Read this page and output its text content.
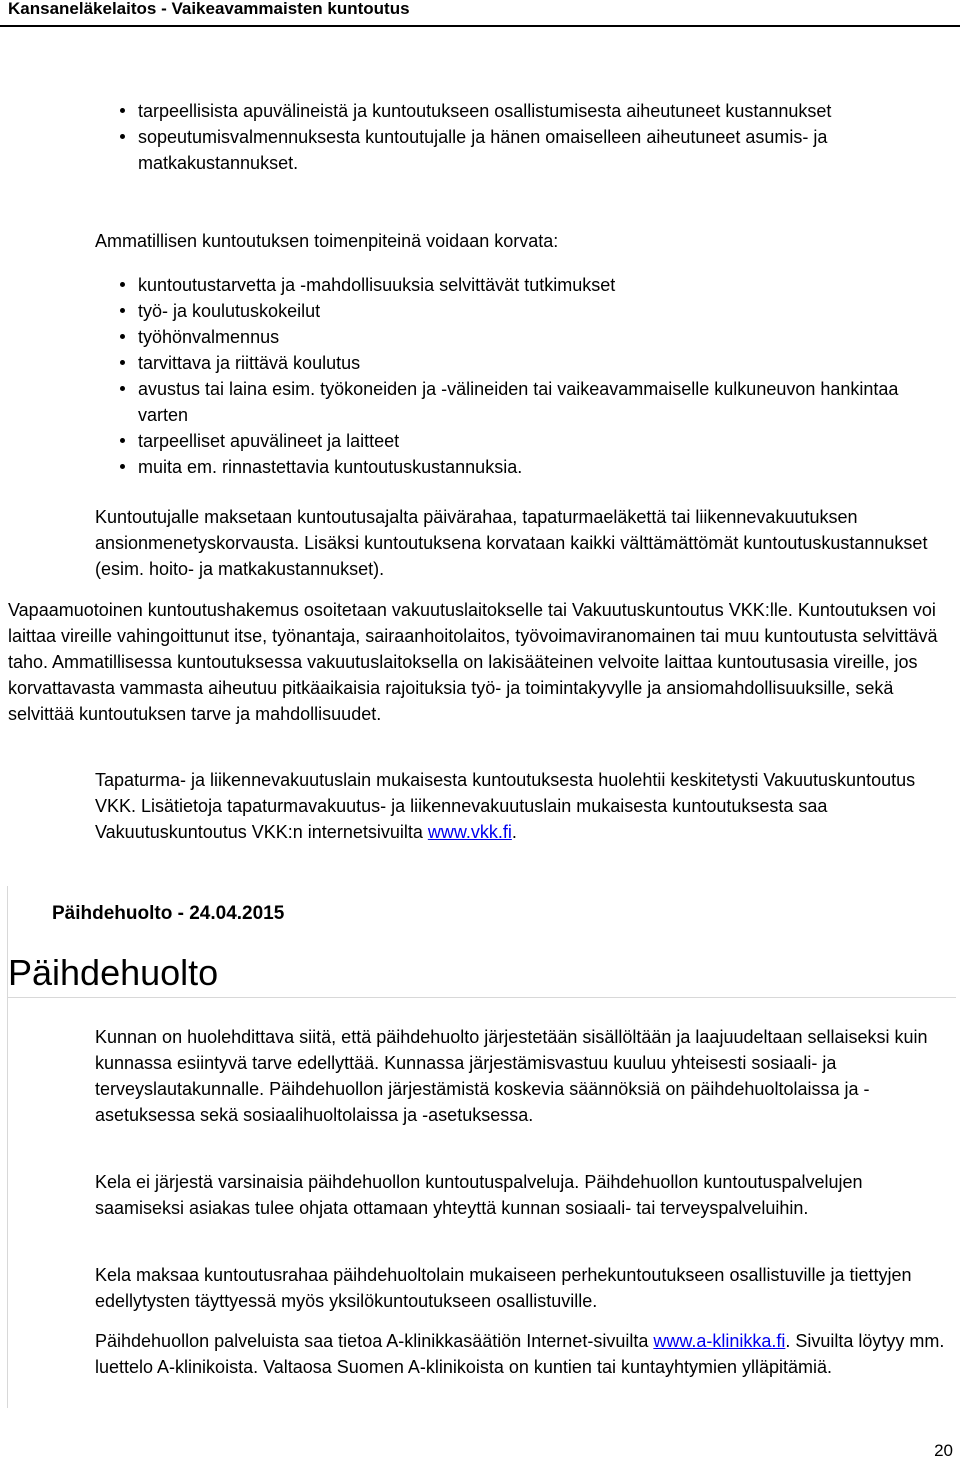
Kansaneläkelaitos - Vaikeavammaisten kuntoutus
tarpeellisista apuvälineistä ja kuntoutukseen osallistumisesta aiheutuneet kustannukset
sopeutumisvalmennuksesta kuntoutujalle ja hänen omaiselleen aiheutuneet asumis- ja matkakustannukset.

Ammatillisen kuntoutuksen toimenpiteinä voidaan korvata:

kuntoutustarvetta ja -mahdollisuuksia selvittävät tutkimukset
työ- ja koulutuskokeilut
työhönvalmennus
tarvittava ja riittävä koulutus
avustus tai laina esim. työkoneiden ja -välineiden tai vaikeavammaiselle kulkuneuvon hankintaa varten
tarpeelliset apuvälineet ja laitteet
muita em. rinnastettavia kuntoutuskustannuksia.

Kuntoutujalle maksetaan kuntoutusajalta päivärahaa, tapaturmaeläkettä tai liikennevakuutuksen ansionmenetyskorvausta. Lisäksi kuntoutuksena korvataan kaikki välttämättömät kuntoutuskustannukset (esim. hoito- ja matkakustannukset).

Vapaamuotoinen kuntoutushakemus osoitetaan vakuutuslaitokselle tai Vakuutuskuntoutus VKK:lle. Kuntoutuksen voi laittaa vireille vahingoittunut itse, työnantaja, sairaanhoitolaitos, työvoimaviranomainen tai muu kuntoutusta selvittävä taho. Ammatillisessa kuntoutuksessa vakuutuslaitoksella on lakisääteinen velvoite laittaa kuntoutusasia vireille, jos korvattavasta vammasta aiheutuu pitkäaikaisia rajoituksia työ- ja toimintakyvylle ja ansiomahdollisuuksille, sekä selvittää kuntoutuksen tarve ja mahdollisuudet.

Tapaturma- ja liikennevakuutuslain mukaisesta kuntoutuksesta huolehtii keskitetysti Vakuutuskuntoutus VKK. Lisätietoja tapaturmavakuutus- ja liikennevakuutuslain mukaisesta kuntoutuksesta saa Vakuutuskuntoutus VKK:n internetsivuilta www.vkk.fi.

Päihdehuolto - 24.04.2015

Päihdehuolto

Kunnan on huolehdittava siitä, että päihdehuolto järjestetään sisällöltään ja laajuudeltaan sellaiseksi kuin kunnassa esiintyvä tarve edellyttää. Kunnassa järjestämisvastuu kuuluu yhteisesti sosiaali- ja terveyslautakunnalle. Päihdehuollon järjestämistä koskevia säännöksiä on päihdehuoltolaissa ja -asetuksessa sekä sosiaalihuoltolaissa ja -asetuksessa.

Kela ei järjestä varsinaisia päihdehuollon kuntoutuspalveluja. Päihdehuollon kuntoutuspalvelujen saamiseksi asiakas tulee ohjata ottamaan yhteyttä kunnan sosiaali- tai terveyspalveluihin.

Kela maksaa kuntoutusrahaa päihdehuoltolain mukaiseen perhekuntoutukseen osallistuville ja tiettyjen edellytysten täyttyessä myös yksilökuntoutukseen osallistuville.

Päihdehuollon palveluista saa tietoa A-klinikkasäätiön Internet-sivuilta www.a-klinikka.fi. Sivuilta löytyy mm. luettelo A-klinikoista. Valtaosa Suomen A-klinikoista on kuntien tai kuntayhtymien ylläpitämiä.

20
